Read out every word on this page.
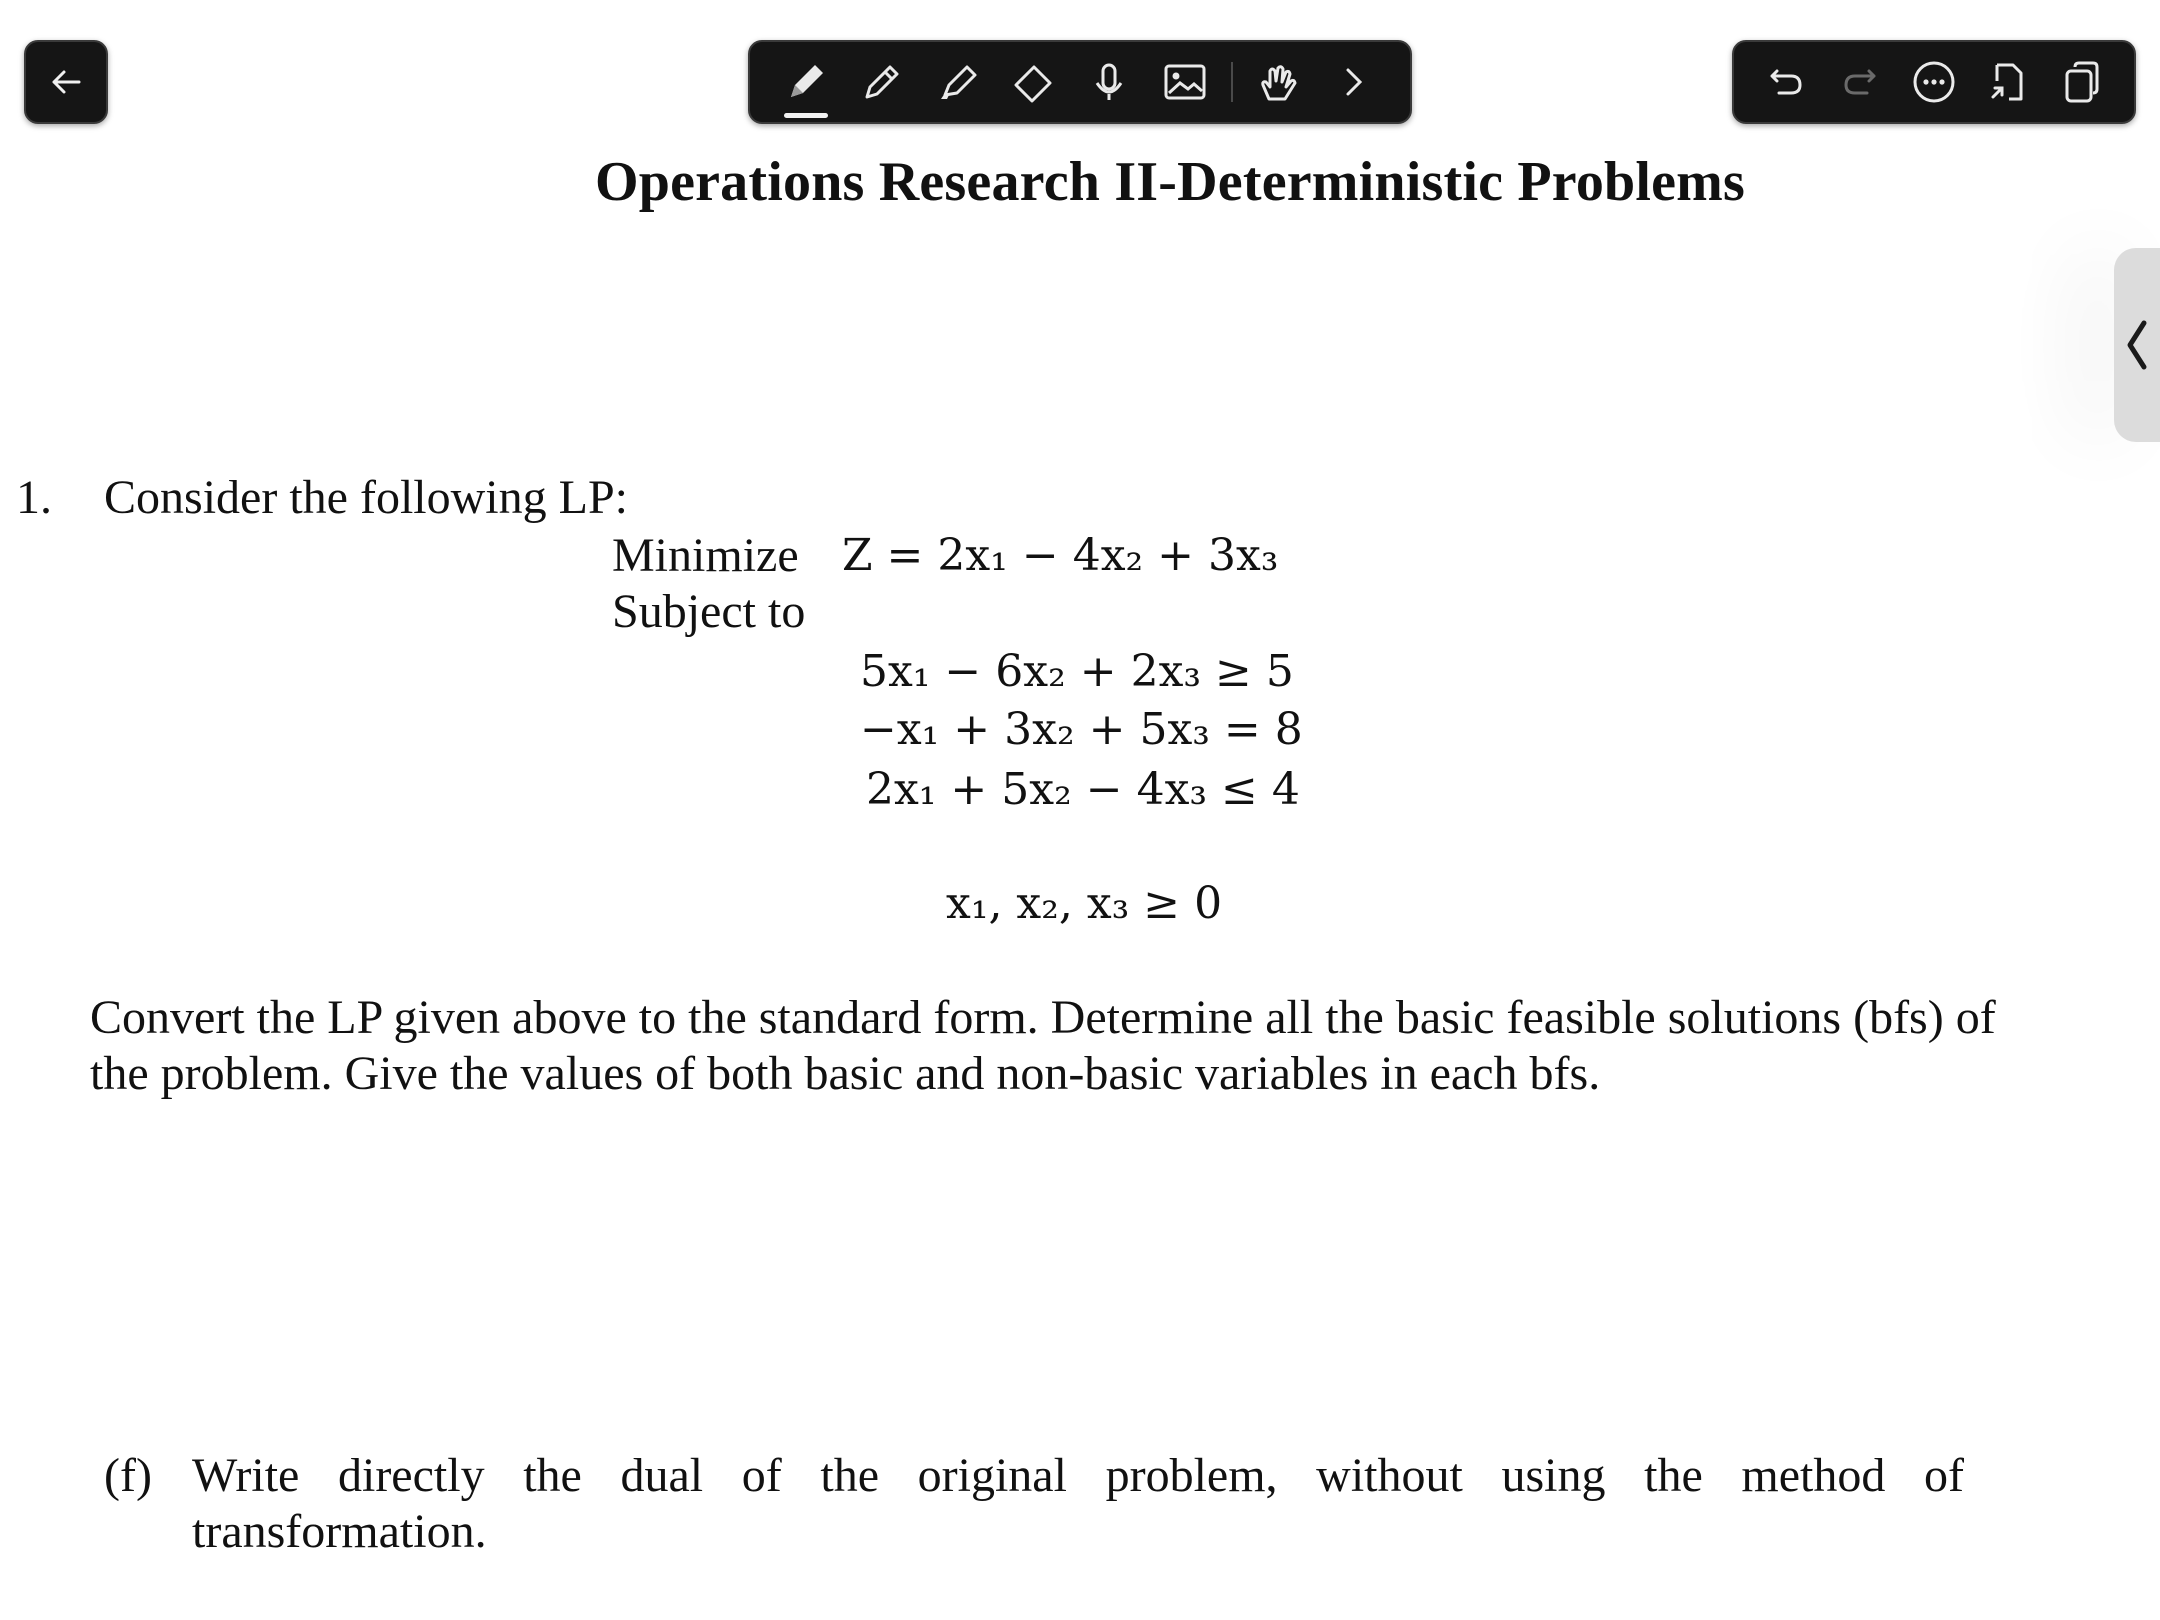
Operations Research II-Deterministic Problems
1. Consider the following LP:
Minimize Z = 2x₁ − 4x₂ + 3x₃
Subject to
5x₁ − 6x₂ + 2x₃ ≥ 5
−x₁ + 3x₂ + 5x₃ = 8
2x₁ + 5x₂ − 4x₃ ≤ 4
x₁, x₂, x₃ ≥ 0
Convert the LP given above to the standard form. Determine all the basic feasible solutions (bfs) of
the problem. Give the values of both basic and non-basic variables in each bfs.
(f) Write directly the dual of the original problem, without using the method of
transformation.
